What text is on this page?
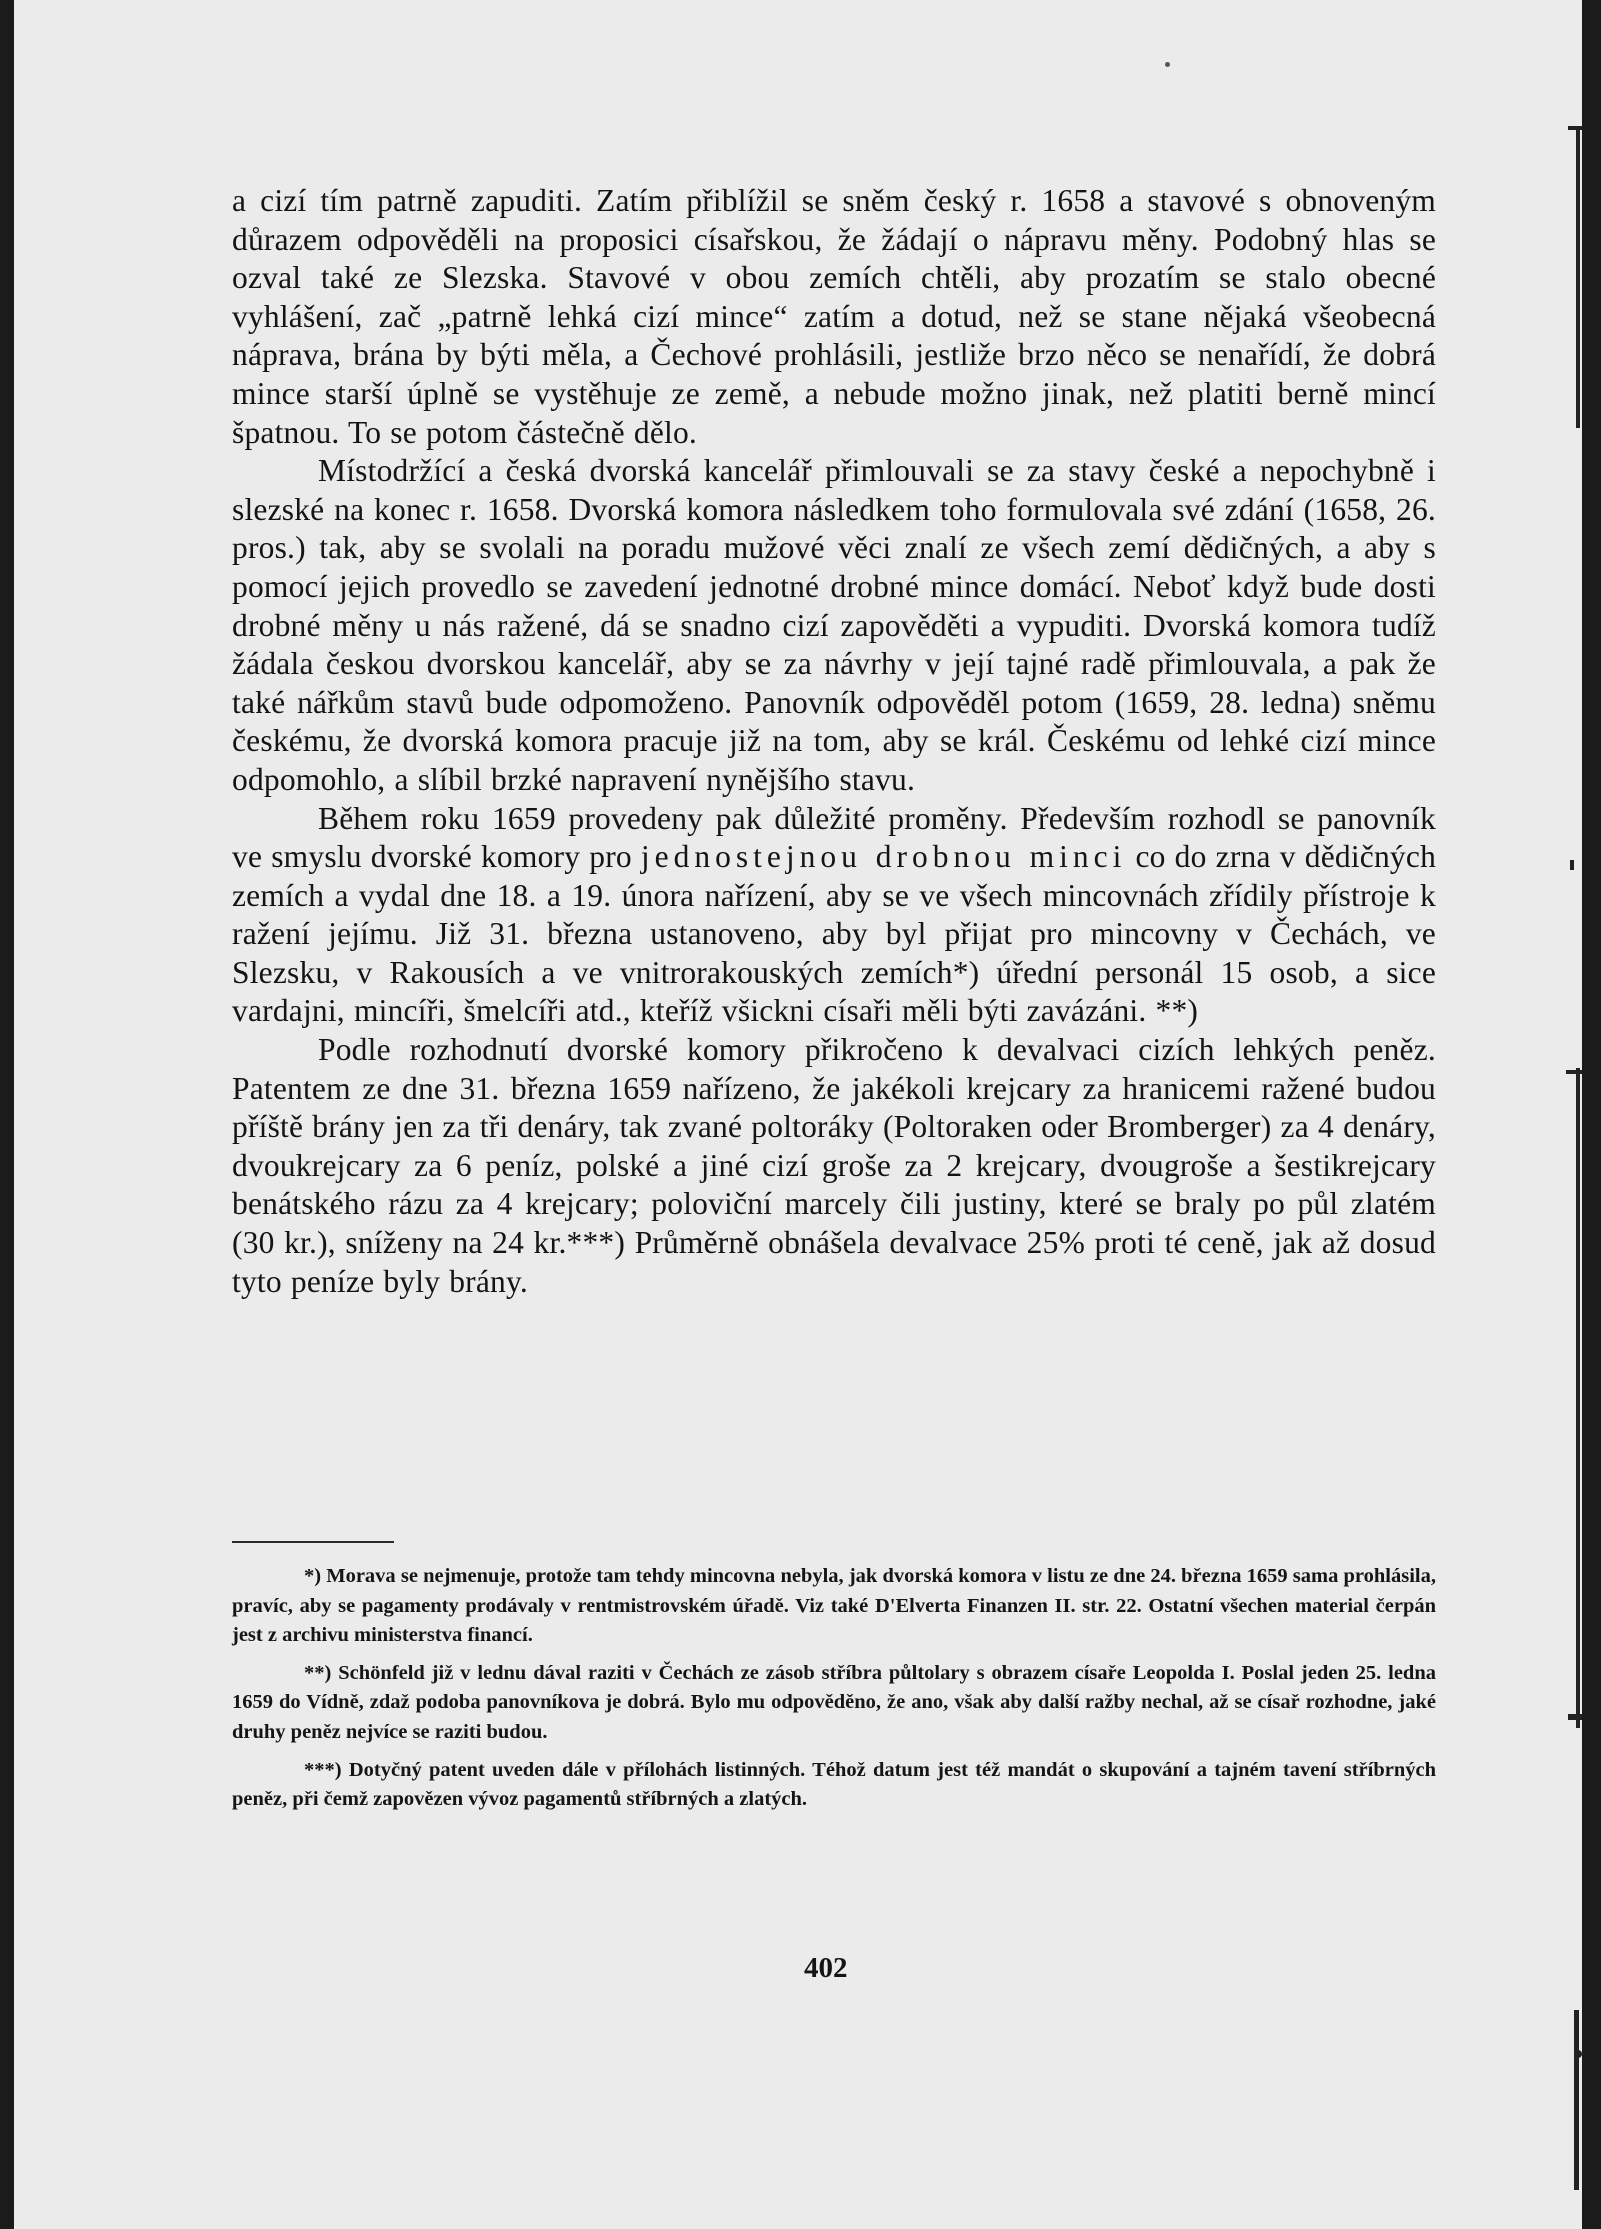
a cizí tím patrně zapuditi. Zatím přiblížil se sněm český r. 1658 a stavové s obnoveným důrazem odpověděli na proposici císařskou, že žádají o nápravu měny. Podobný hlas se ozval také ze Slezska. Stavové v obou zemích chtěli, aby prozatím se stalo obecné vyhlášení, zač „patrně lehká cizí mince“ zatím a dotud, než se stane nějaká všeobecná náprava, brána by býti měla, a Čechové prohlásili, jestliže brzo něco se nenařídí, že dobrá mince starší úplně se vystěhuje ze země, a nebude možno jinak, než platiti berně mincí špatnou. To se potom částečně dělo.

Místodržící a česká dvorská kancelář přimlouvali se za stavy české a nepochybně i slezské na konec r. 1658. Dvorská komora následkem toho formulovala své zdání (1658, 26. pros.) tak, aby se svolali na poradu mužové věci znalí ze všech zemí dědičných, a aby s pomocí jejich provedlo se zavedení jednotné drobné mince domácí. Neboť když bude dosti drobné měny u nás ražené, dá se snadno cizí zapověděti a vypuditi. Dvorská komora tudíž žádala českou dvorskou kancelář, aby se za návrhy v její tajné radě přimlouvala, a pak že také nářkům stavů bude odpomoženo. Panovník odpověděl potom (1659, 28. ledna) sněmu českému, že dvorská komora pracuje již na tom, aby se král. Českému od lehké cizí mince odpomohlo, a slíbil brzké napravení nynějšího stavu.

Během roku 1659 provedeny pak důležité proměny. Především rozhodl se panovník ve smyslu dvorské komory pro jednostejnou drobnou minci co do zrna v dědičných zemích a vydal dne 18. a 19. února nařízení, aby se ve všech mincovnách zřídily přístroje k ražení jejímu. Již 31. března ustanoveno, aby byl přijat pro mincovny v Čechách, ve Slezsku, v Rakousích a ve vnitrorakouských zemích*) úřední personál 15 osob, a sice vardajni, mincíři, šmelcíři atd., kteříž všickni císaři měli býti zavázáni. **)

Podle rozhodnutí dvorské komory přikročeno k devalvaci cizích lehkých peněz. Patentem ze dne 31. března 1659 nařízeno, že jakékoli krejcary za hranicemi ražené budou příště brány jen za tři denáry, tak zvané poltoráky (Poltoraken oder Bromberger) za 4 denáry, dvoukrejcary za 6 peníz, polské a jiné cizí groše za 2 krejcary, dvougroše a šestikrejcary benátského rázu za 4 krejcary; poloviční marcely čili justiny, které se braly po půl zlatém (30 kr.), sníženy na 24 kr.***) Průměrně obnášela devalvace 25% proti té ceně, jak až dosud tyto peníze byly brány.

*) Morava se nejmenuje, protože tam tehdy mincovna nebyla, jak dvorská komora v listu ze dne 24. března 1659 sama prohlásila, pravíc, aby se pagamenty prodávaly v rentmistrovském úřadě. Viz také D'Elverta Finanzen II. str. 22. Ostatní všechen material čerpán jest z archivu ministerstva financí.

**) Schönfeld již v lednu dával raziti v Čechách ze zásob stříbra půltolary s obrazem císaře Leopolda I. Poslal jeden 25. ledna 1659 do Vídně, zdaž podoba panovníkova je dobrá. Bylo mu odpověděno, že ano, však aby další ražby nechal, až se císař rozhodne, jaké druhy peněz nejvíce se raziti budou.

***) Dotyčný patent uveden dále v přílohách listinných. Téhož datum jest též mandát o skupování a tajném tavení stříbrných peněz, při čemž zapovězen vývoz pagamentů stříbrných a zlatých.

402
